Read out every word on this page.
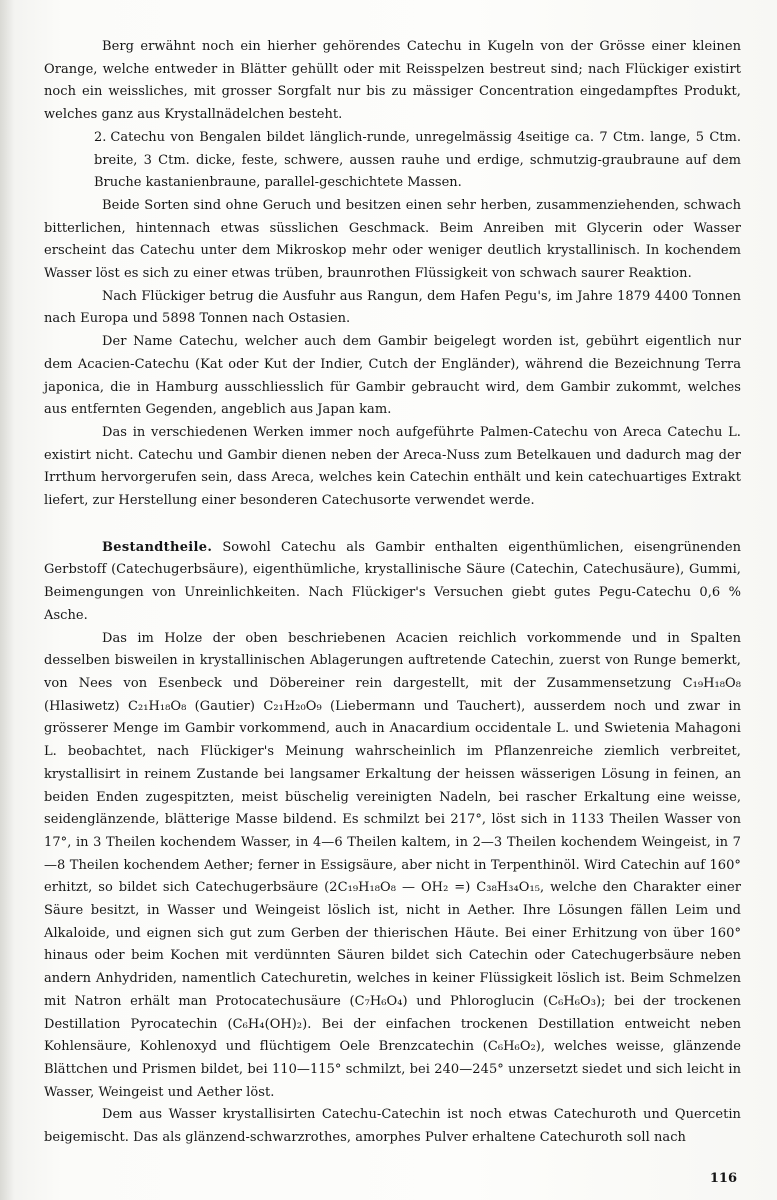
Berg erwähnt noch ein hierher gehörendes Catechu in Kugeln von der Grösse einer kleinen Orange, welche entweder in Blätter gehüllt oder mit Reisspelzen bestreut sind; nach Flückiger existirt noch ein weissliches, mit grosser Sorgfalt nur bis zu mässiger Concentration eingedampftes Produkt, welches ganz aus Krystallnädelchen besteht.

2. Catechu von Bengalen bildet länglich-runde, unregelmässig 4seitige ca. 7 Ctm. lange, 5 Ctm. breite, 3 Ctm. dicke, feste, schwere, aussen rauhe und erdige, schmutzig-graubraune auf dem Bruche kastanienbraune, parallel-geschichtete Massen.

Beide Sorten sind ohne Geruch und besitzen einen sehr herben, zusammenziehenden, schwach bitterlichen, hintennach etwas süsslichen Geschmack. Beim Anreiben mit Glycerin oder Wasser erscheint das Catechu unter dem Mikroskop mehr oder weniger deutlich krystallinisch. In kochendem Wasser löst es sich zu einer etwas trüben, braunrothen Flüssigkeit von schwach saurer Reaktion.

Nach Flückiger betrug die Ausfuhr aus Rangun, dem Hafen Pegu's, im Jahre 1879 4400 Tonnen nach Europa und 5898 Tonnen nach Ostasien.

Der Name Catechu, welcher auch dem Gambir beigelegt worden ist, gebührt eigentlich nur dem Acacien-Catechu (Kat oder Kut der Indier, Cutch der Engländer), während die Bezeichnung Terra japonica, die in Hamburg ausschliesslich für Gambir gebraucht wird, dem Gambir zukommt, welches aus entfernten Gegenden, angeblich aus Japan kam.

Das in verschiedenen Werken immer noch aufgeführte Palmen-Catechu von Areca Catechu L. existirt nicht. Catechu und Gambir dienen neben der Areca-Nuss zum Betelkauen und dadurch mag der Irrthum hervorgerufen sein, dass Areca, welches kein Catechin enthält und kein catechuartiges Extrakt liefert, zur Herstellung einer besonderen Catechusorte verwendet werde.

Bestandtheile. Sowohl Catechu als Gambir enthalten eigenthümlichen, eisengrünenden Gerbstoff (Catechugerbsäure), eigenthümliche, krystallinische Säure (Catechin, Catechusäure), Gummi, Beimengungen von Unreinlichkeiten. Nach Flückiger's Versuchen giebt gutes Pegu-Catechu 0,6 % Asche.

Das im Holze der oben beschriebenen Acacien reichlich vorkommende und in Spalten desselben bisweilen in krystallinischen Ablagerungen auftretende Catechin, zuerst von Runge bemerkt, von Nees von Esenbeck und Döbereiner rein dargestellt, mit der Zusammensetzung C₁₉H₁₈O₈ (Hlasiwetz) C₂₁H₁₈O₈ (Gautier) C₂₁H₂₀O₉ (Liebermann und Tauchert), ausserdem noch und zwar in grösserer Menge im Gambir vorkommend, auch in Anacardium occidentale L. und Swietenia Mahagoni L. beobachtet, nach Flückiger's Meinung wahrscheinlich im Pflanzenreiche ziemlich verbreitet, krystallisirt in reinem Zustande bei langsamer Erkaltung der heissen wässerigen Lösung in feinen, an beiden Enden zugespitzten, meist büschelig vereinigten Nadeln, bei rascher Erkaltung eine weisse, seidenglänzende, blätterige Masse bildend. Es schmilzt bei 217°, löst sich in 1133 Theilen Wasser von 17°, in 3 Theilen kochendem Wasser, in 4—6 Theilen kaltem, in 2—3 Theilen kochendem Weingeist, in 7—8 Theilen kochendem Aether; ferner in Essigsäure, aber nicht in Terpenthinöl. Wird Catechin auf 160° erhitzt, so bildet sich Catechugerbsäure (2C₁₉H₁₈O₈ — OH₂ =) C₃₈H₃₄O₁₅, welche den Charakter einer Säure besitzt, in Wasser und Weingeist löslich ist, nicht in Aether. Ihre Lösungen fällen Leim und Alkaloide, und eignen sich gut zum Gerben der thierischen Häute. Bei einer Erhitzung von über 160° hinaus oder beim Kochen mit verdünnten Säuren bildet sich Catechin oder Catechugerbsäure neben andern Anhydriden, namentlich Catechuretin, welches in keiner Flüssigkeit löslich ist. Beim Schmelzen mit Natron erhält man Protocatechusäure (C₇H₆O₄) und Phloroglucin (C₆H₆O₃); bei der trockenen Destillation Pyrocatechin (C₆H₄(OH)₂). Bei der einfachen trockenen Destillation entweicht neben Kohlensäure, Kohlenoxyd und flüchtigem Oele Brenzcatechin (C₆H₆O₂), welches weisse, glänzende Blättchen und Prismen bildet, bei 110—115° schmilzt, bei 240—245° unzersetzt siedet und sich leicht in Wasser, Weingeist und Aether löst.

Dem aus Wasser krystallisirten Catechu-Catechin ist noch etwas Catechuroth und Quercetin beigemischt. Das als glänzend-schwarzrothes, amorphes Pulver erhaltene Catechuroth soll nach

116
